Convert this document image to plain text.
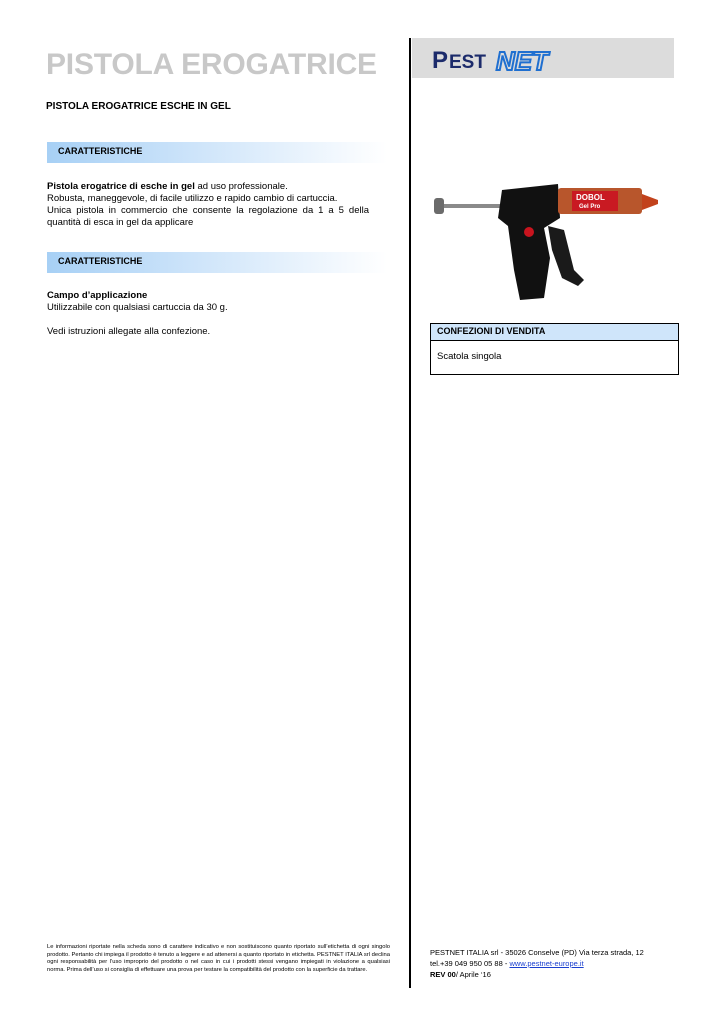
PISTOLA EROGATRICE P EST NET
PISTOLA EROGATRICE ESCHE IN GEL
CARATTERISTICHE
Pistola erogatrice di esche in gel ad uso professionale.
Robusta, maneggevole, di facile utilizzo e rapido cambio di cartuccia.
Unica pistola in commercio che consente la regolazione da 1 a 5 della quantità di esca in gel da applicare
CARATTERISTICHE
Campo d’applicazione
Utilizzabile con qualsiasi cartuccia da 30 g.

Vedi istruzioni allegate alla confezione.
DOBOL
Gel Pro
CONFEZIONI DI VENDITA
Scatola singola
Le informazioni riportate nella scheda sono di carattere indicativo e non sostituiscono quanto riportato sull’etichetta di ogni singolo prodotto. Pertanto chi impiega il prodotto è tenuto a leggere e ad attenersi a quanto riportato in etichetta. PESTNET ITALIA srl declina ogni responsabilità per l’uso improprio del prodotto o nel caso in cui i prodotti stessi vengano impiegati in violazione a qualsiasi norma. Prima dell’uso si consiglia di effettuare una prova per testare la compatibilità del prodotto con la superficie da trattare.
PESTNET ITALIA srl - 35026 Conselve (PD) Via terza strada, 12
tel.+39 049 950 05 88 - www.pestnet-europe.it
REV 00/ Aprile ‘16
